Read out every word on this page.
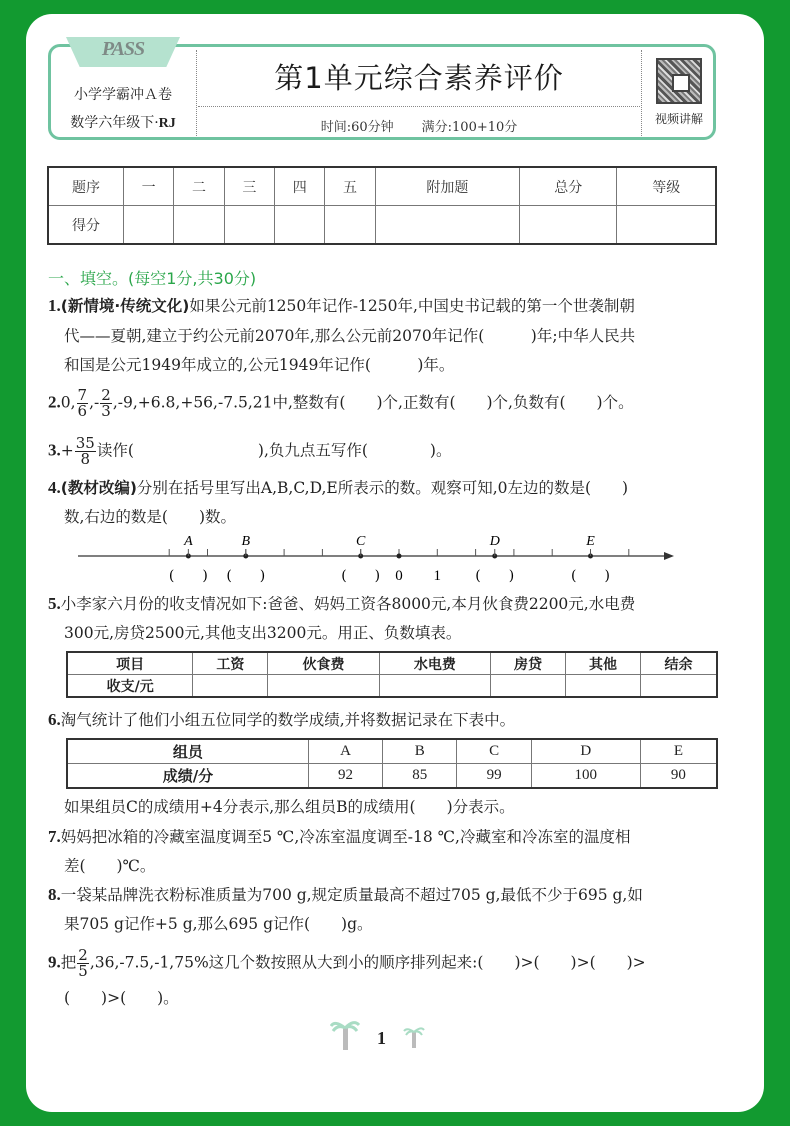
PASS
小学学霸冲Ａ卷
数学六年级下·RJ
第1单元综合素养评价
时间:60分钟 满分:100+10分
视频讲解
题序	一	二	三	四	五	附加题	总分	等级
得分								
一、填空。(每空1分,共30分)
1.(新情境·传统文化)如果公元前1250年记作-1250年,中国史书记载的第一个世袭制朝
代——夏朝,建立于约公元前2070年,那么公元前2070年记作(　　　)年;中华人民共
和国是公元1949年成立的,公元1949年记作(　　　)年。
2.0, $\frac{7}{6}$ ,- $\frac{2}{3} ,-9,+6.8,+56,-7.5,21$中,整数有(　　)个,正数有(　　)个,负数有(　　)个。
$3.+ \frac{35}{8}$ 读作(　　　　　　　　),负九点五写作(　　　　)。
4.(教材改编)分别在括号里写出A,B,C,D,E所表示的数。观察可知,0左边的数是(　　)
数,右边的数是(　　)数。
A
(　　)
B
(　　)
C
(　　)
D
(　　)
E
(　　)
0 1
5.小李家六月份的收支情况如下:爸爸、妈妈工资各8000元,本月伙食费2200元,水电费
300元,房贷2500元,其他支出3200元。用正、负数填表。
项目	工资	伙食费	水电费	房贷	其他	结余
收支/元						
6.淘气统计了他们小组五位同学的数学成绩,并将数据记录在下表中。
组员	A	B	C	D	E
成绩/分	92	85	99	100	90
如果组员C的成绩用+4分表示,那么组员B的成绩用(　　)分表示。
7.妈妈把冰箱的冷藏室温度调至5 ℃,冷冻室温度调至-18 ℃,冷藏室和冷冻室的温度相
差(　　)℃。
8.一袋某品牌洗衣粉标准质量为700 g,规定质量最高不超过705 g,最低不少于695 g,如
果705 g记作+5 g,那么695 g记作(　　)g。
9.把 $\frac{2}{5} ,36,-7.5,-1,75\%$这几个数按照从大到小的顺序排列起来:(　　)>(　　)>(　　)>
(　　)>(　　)。
1
